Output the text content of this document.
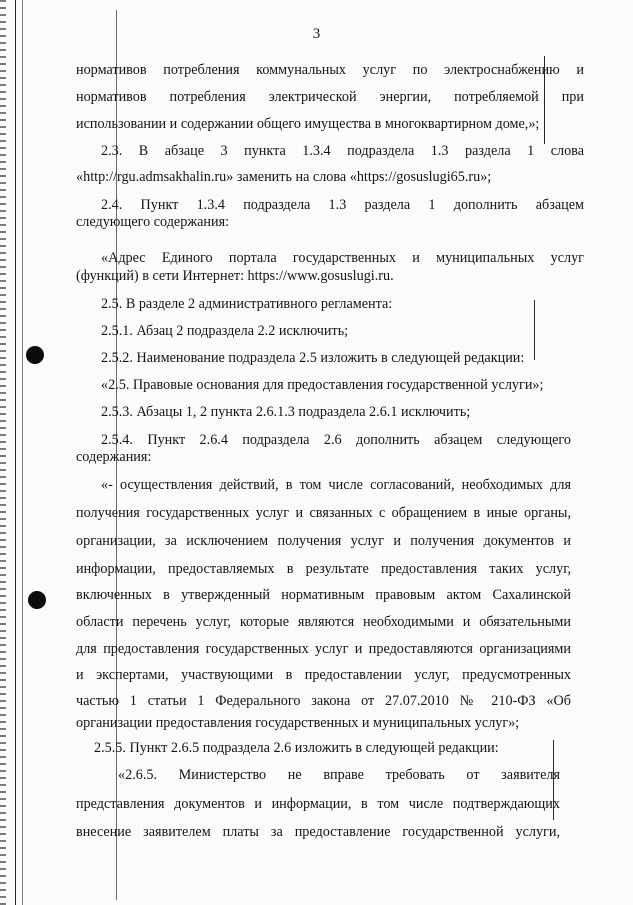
3
нормативов потребления коммунальных услуг по электроснабжению и
нормативов потребления электрической энергии, потребляемой при
использовании и содержании общего имущества в многоквартирном доме,»;
2.3. В абзаце 3 пункта 1.3.4 подраздела 1.3 раздела 1 слова
«http://rgu.admsakhalin.ru» заменить на слова «https://gosuslugi65.ru»;
2.4. Пункт 1.3.4 подраздела 1.3 раздела 1 дополнить абзацем
следующего содержания:
«Адрес Единого портала государственных и муниципальных услуг
(функций) в сети Интернет: https://www.gosuslugi.ru.
2.5. В разделе 2 административного регламента:
2.5.1. Абзац 2 подраздела 2.2 исключить;
2.5.2. Наименование подраздела 2.5 изложить в следующей редакции:
«2.5. Правовые основания для предоставления государственной услуги»;
2.5.3. Абзацы 1, 2 пункта 2.6.1.3 подраздела 2.6.1 исключить;
2.5.4. Пункт 2.6.4 подраздела 2.6 дополнить абзацем следующего
содержания:
«- осуществления действий, в том числе согласований, необходимых для
получения государственных услуг и связанных с обращением в иные органы,
организации, за исключением получения услуг и получения документов и
информации, предоставляемых в результате предоставления таких услуг,
включенных в утвержденный нормативным правовым актом Сахалинской
области перечень услуг, которые являются необходимыми и обязательными
для предоставления государственных услуг и предоставляются организациями
и экспертами, участвующими в предоставлении услуг, предусмотренных
частью 1 статьи 1 Федерального закона от 27.07.2010 № 210-ФЗ «Об
организации предоставления государственных и муниципальных услуг»;
2.5.5. Пункт 2.6.5 подраздела 2.6 изложить в следующей редакции:
«2.6.5. Министерство не вправе требовать от заявителя
представления документов и информации, в том числе подтверждающих
внесение заявителем платы за предоставление государственной услуги,
